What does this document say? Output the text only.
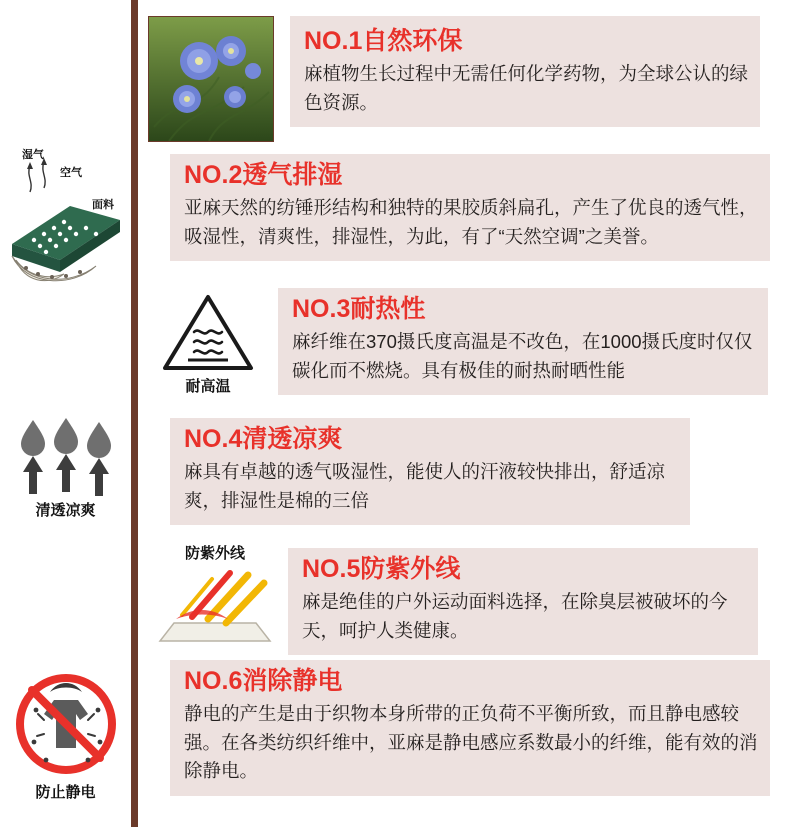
NO.1自然环保
麻植物生长过程中无需任何化学药物，为全球公认的绿色资源。
湿气
空气
面料
NO.2透气排湿
亚麻天然的纺锤形结构和独特的果胶质斜扁孔，产生了优良的透气性，吸湿性，清爽性，排湿性，为此，有了“天然空调”之美誉。
耐高温
NO.3耐热性
麻纤维在370摄氏度高温是不改色，在1000摄氏度时仅仅碳化而不燃烧。具有极佳的耐热耐晒性能
清透凉爽
NO.4清透凉爽
麻具有卓越的透气吸湿性，能使人的汗液较快排出，舒适凉爽，排湿性是棉的三倍
防紫外线
NO.5防紫外线
麻是绝佳的户外运动面料选择，在除臭层被破坏的今天，呵护人类健康。
防止静电
NO.6消除静电
静电的产生是由于织物本身所带的正负荷不平衡所致，而且静电感较强。在各类纺织纤维中，亚麻是静电感应系数最小的纤维，能有效的消除静电。
